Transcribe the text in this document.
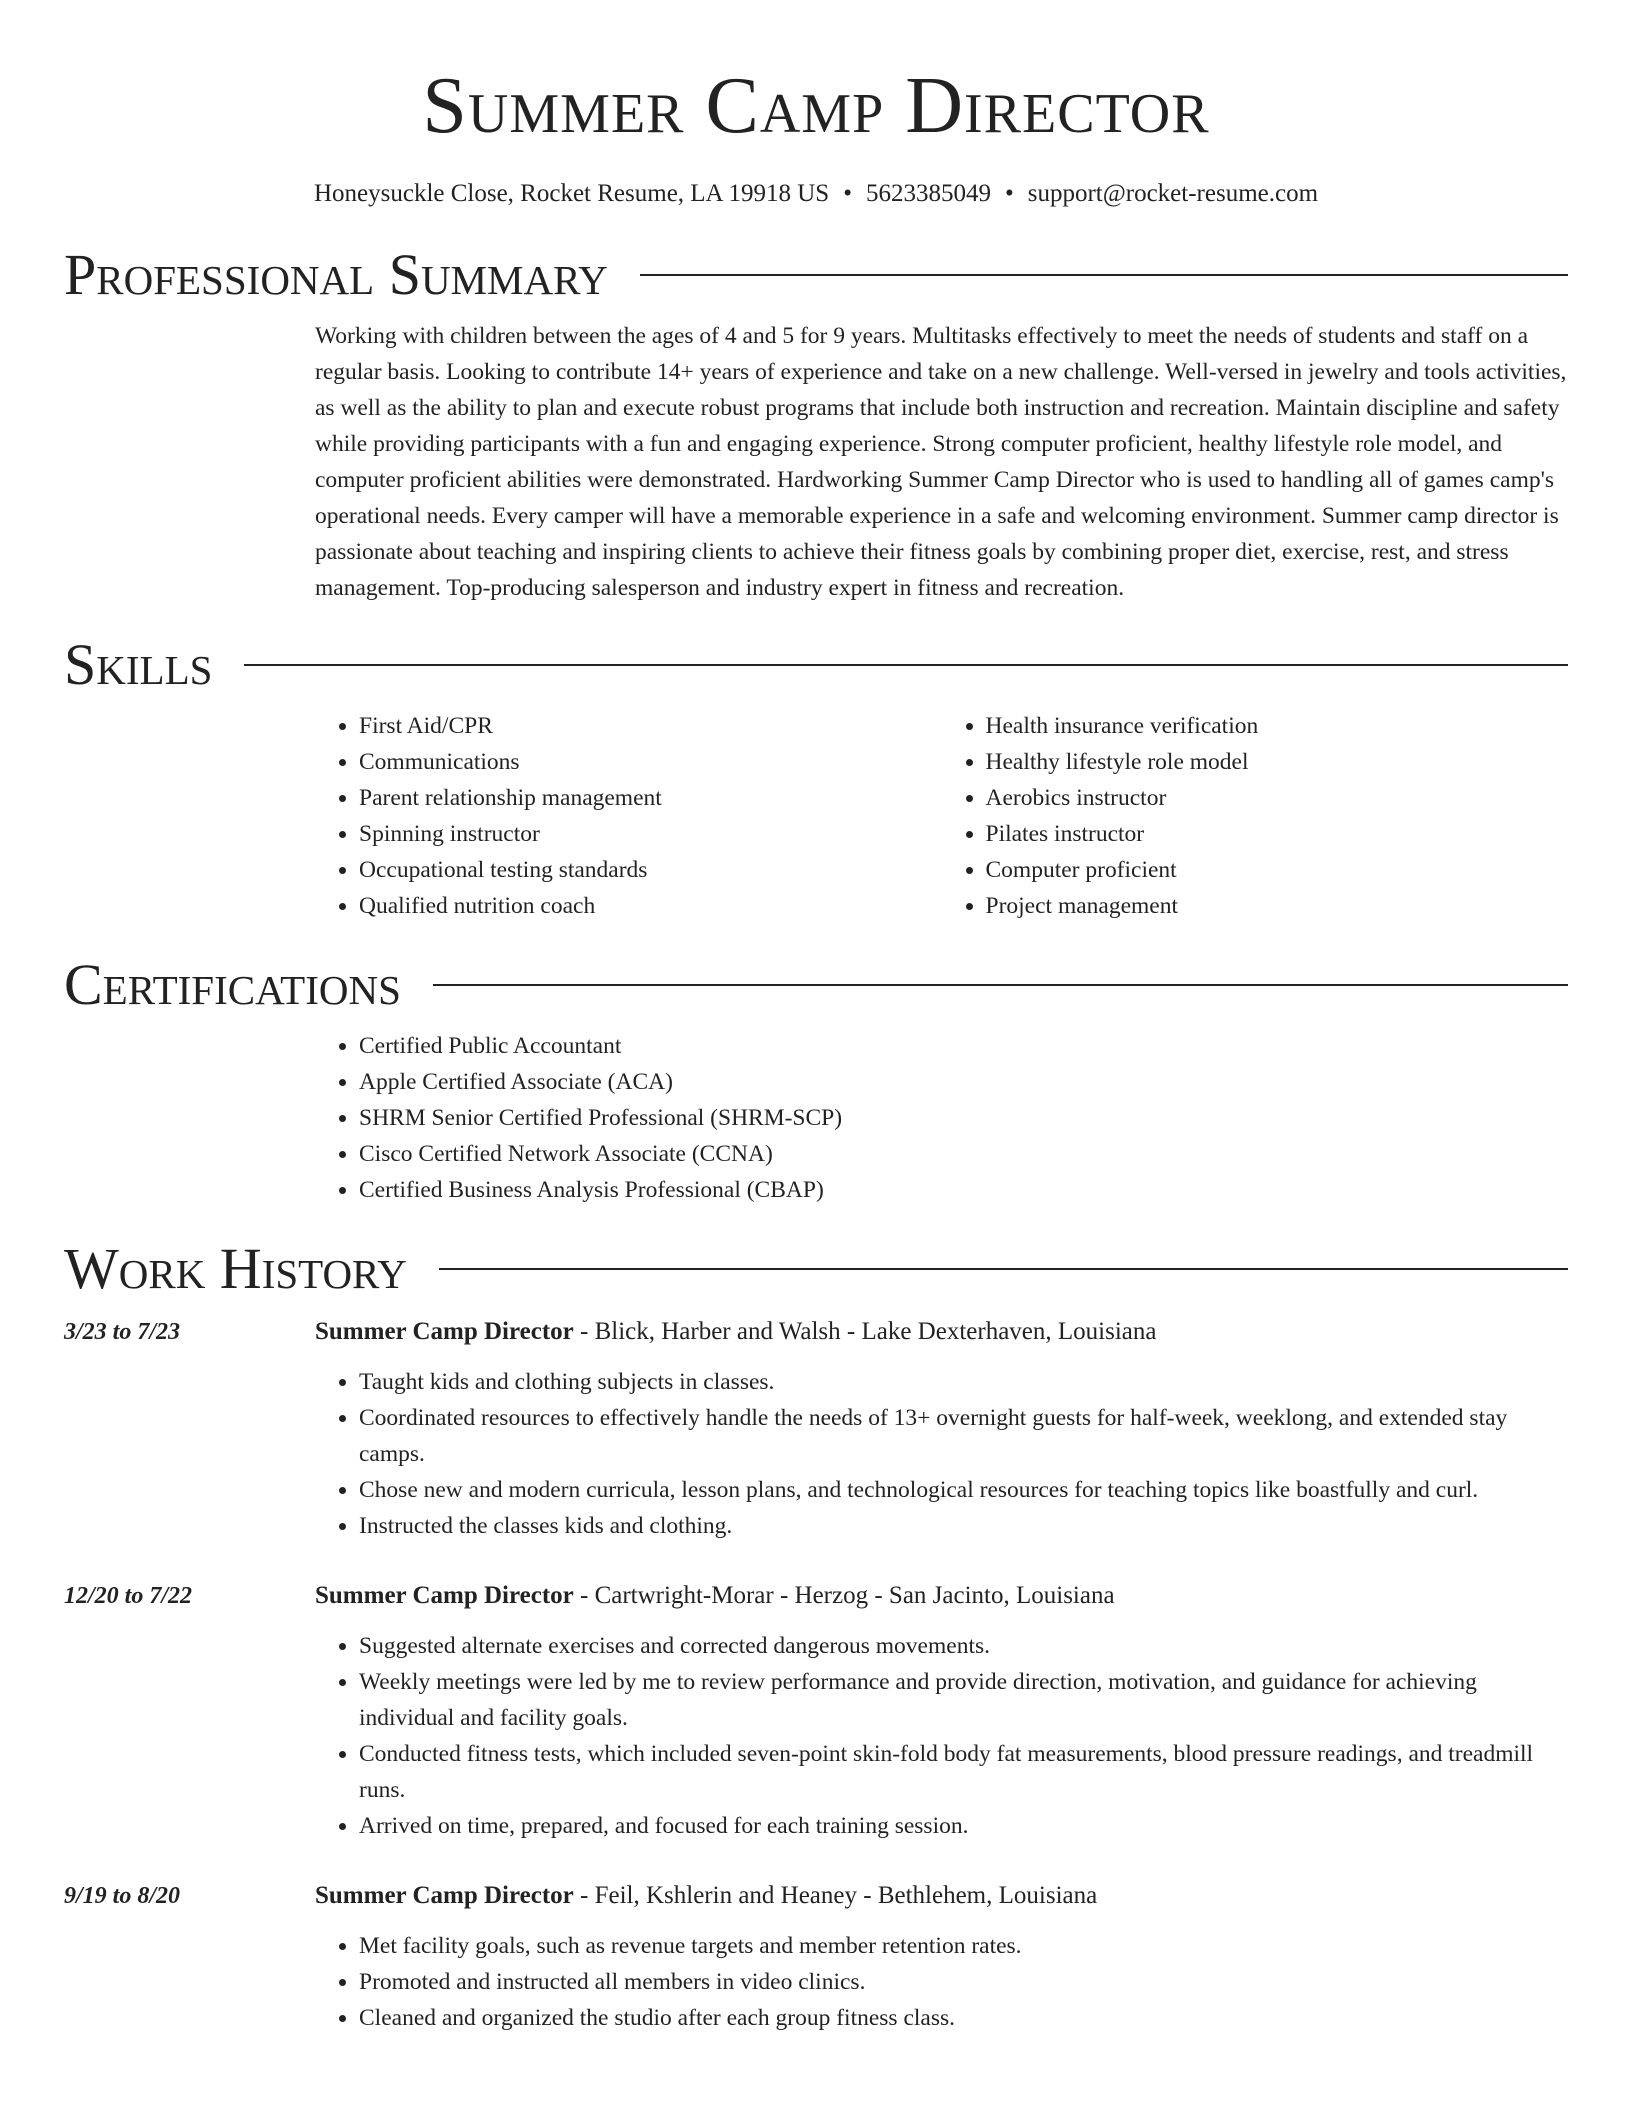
Summer Camp Director
Honeysuckle Close, Rocket Resume, LA 19918 US • 5623385049 • support@rocket-resume.com
Professional Summary
Working with children between the ages of 4 and 5 for 9 years. Multitasks effectively to meet the needs of students and staff on a regular basis. Looking to contribute 14+ years of experience and take on a new challenge. Well-versed in jewelry and tools activities, as well as the ability to plan and execute robust programs that include both instruction and recreation. Maintain discipline and safety while providing participants with a fun and engaging experience. Strong computer proficient, healthy lifestyle role model, and computer proficient abilities were demonstrated. Hardworking Summer Camp Director who is used to handling all of games camp's operational needs. Every camper will have a memorable experience in a safe and welcoming environment. Summer camp director is passionate about teaching and inspiring clients to achieve their fitness goals by combining proper diet, exercise, rest, and stress management. Top-producing salesperson and industry expert in fitness and recreation.
Skills
• First Aid/CPR
• Communications
• Parent relationship management
• Spinning instructor
• Occupational testing standards
• Qualified nutrition coach
• Health insurance verification
• Healthy lifestyle role model
• Aerobics instructor
• Pilates instructor
• Computer proficient
• Project management
Certifications
• Certified Public Accountant
• Apple Certified Associate (ACA)
• SHRM Senior Certified Professional (SHRM-SCP)
• Cisco Certified Network Associate (CCNA)
• Certified Business Analysis Professional (CBAP)
Work History
3/23 to 7/23	Summer Camp Director - Blick, Harber and Walsh - Lake Dexterhaven, Louisiana
• Taught kids and clothing subjects in classes.
• Coordinated resources to effectively handle the needs of 13+ overnight guests for half-week, weeklong, and extended stay camps.
• Chose new and modern curricula, lesson plans, and technological resources for teaching topics like boastfully and curl.
• Instructed the classes kids and clothing.
12/20 to 7/22	Summer Camp Director - Cartwright-Morar - Herzog - San Jacinto, Louisiana
• Suggested alternate exercises and corrected dangerous movements.
• Weekly meetings were led by me to review performance and provide direction, motivation, and guidance for achieving individual and facility goals.
• Conducted fitness tests, which included seven-point skin-fold body fat measurements, blood pressure readings, and treadmill runs.
• Arrived on time, prepared, and focused for each training session.
9/19 to 8/20	Summer Camp Director - Feil, Kshlerin and Heaney - Bethlehem, Louisiana
• Met facility goals, such as revenue targets and member retention rates.
• Promoted and instructed all members in video clinics.
• Cleaned and organized the studio after each group fitness class.
